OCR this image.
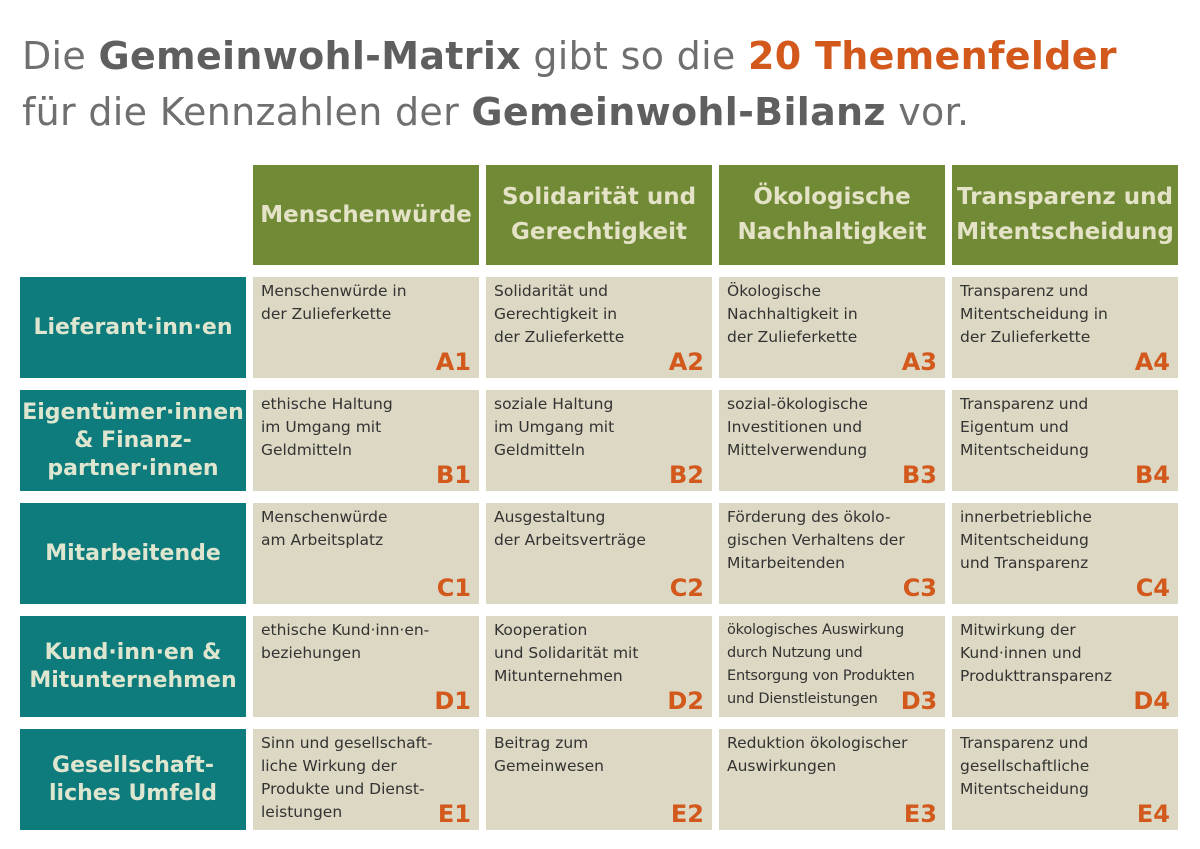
Die Gemeinwohl-Matrix gibt so die 20 Themenfelder
für die Kennzahlen der Gemeinwohl-Bilanz vor.
Menschenwürde
Solidarität und Gerechtigkeit
Ökologische Nachhaltigkeit
Transparenz und Mitentscheidung
Lieferant·inn·en
Menschenwürde in
der Zulieferkette
A1
Solidarität und
Gerechtigkeit in
der Zulieferkette
A2
Ökologische
Nachhaltigkeit in
der Zulieferkette
A3
Transparenz und
Mitentscheidung in
der Zulieferkette
A4
Eigentümer·innen
& Finanz-
partner·innen
ethische Haltung
im Umgang mit
Geldmitteln
B1
soziale Haltung
im Umgang mit
Geldmitteln
B2
sozial-ökologische
Investitionen und
Mittelverwendung
B3
Transparenz und
Eigentum und
Mitentscheidung
B4
Mitarbeitende
Menschenwürde
am Arbeitsplatz
C1
Ausgestaltung
der Arbeitsverträge
C2
Förderung des ökolo-
gischen Verhaltens der
Mitarbeitenden
C3
innerbetriebliche
Mitentscheidung
und Transparenz
C4
Kund·inn·en &
Mitunternehmen
ethische Kund·inn·en-
beziehungen
D1
Kooperation
und Solidarität mit
Mitunternehmen
D2
ökologisches Auswirkung
durch Nutzung und
Entsorgung von Produkten
und Dienstleistungen D3
Mitwirkung der
Kund·innen und
Produkttransparenz
D4
Gesellschaft-
liches Umfeld
Sinn und gesellschaft-
liche Wirkung der
Produkte und Dienst-
leistungen	E1
Beitrag zum
Gemeinwesen
E2
Reduktion ökologischer
Auswirkungen
E3
Transparenz und
gesellschaftliche
Mitentscheidung
E4
